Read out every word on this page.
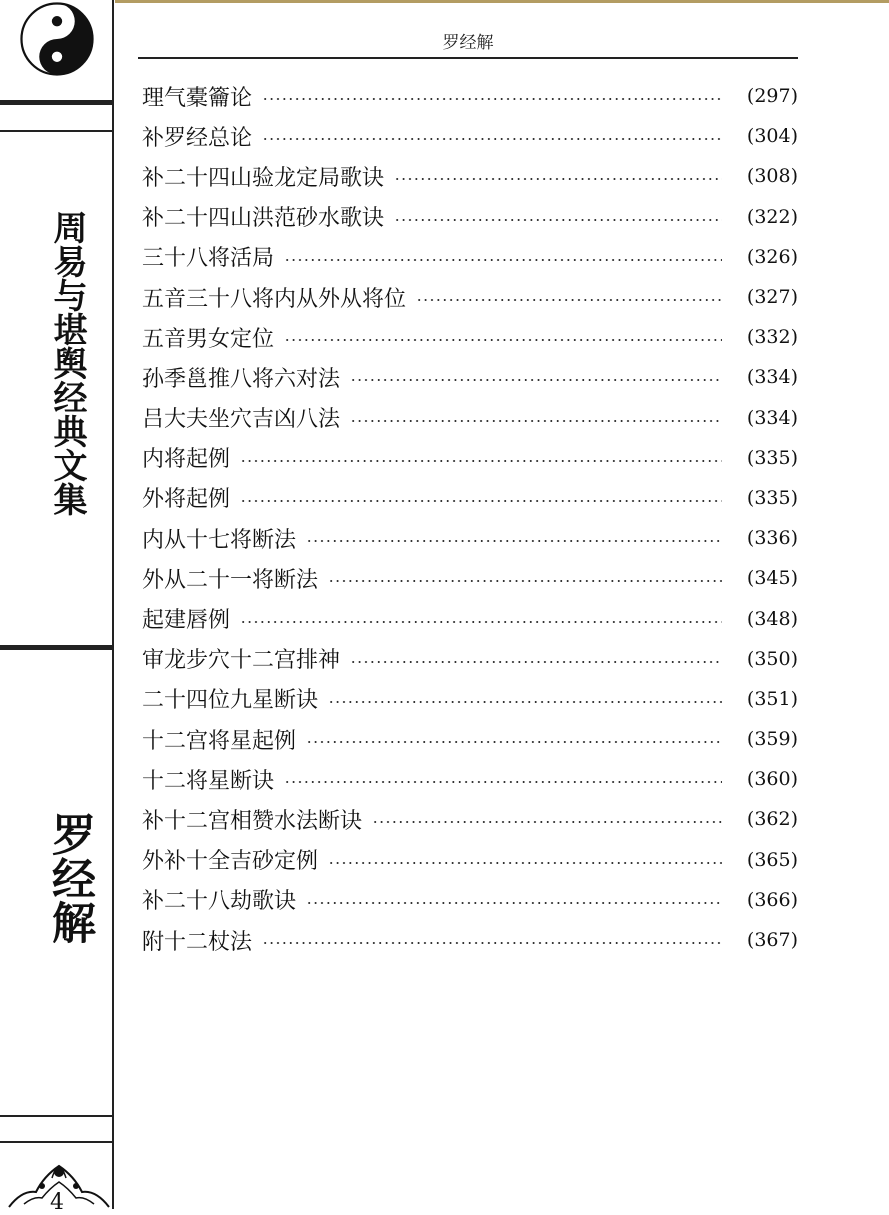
周易与堪舆经典文集
罗经解
4
罗经解
理气橐籥论	(297)
补罗经总论	(304)
补二十四山验龙定局歌诀	(308)
补二十四山洪范砂水歌诀	(322)
三十八将活局	(326)
五音三十八将内从外从将位	(327)
五音男女定位	(332)
孙季邕推八将六对法	(334)
吕大夫坐穴吉凶八法	(334)
内将起例	(335)
外将起例	(335)
内从十七将断法	(336)
外从二十一将断法	(345)
起建唇例	(348)
审龙步穴十二宫排神	(350)
二十四位九星断诀	(351)
十二宫将星起例	(359)
十二将星断诀	(360)
补十二宫相赞水法断诀	(362)
外补十全吉砂定例	(365)
补二十八劫歌诀	(366)
附十二杖法	(367)
